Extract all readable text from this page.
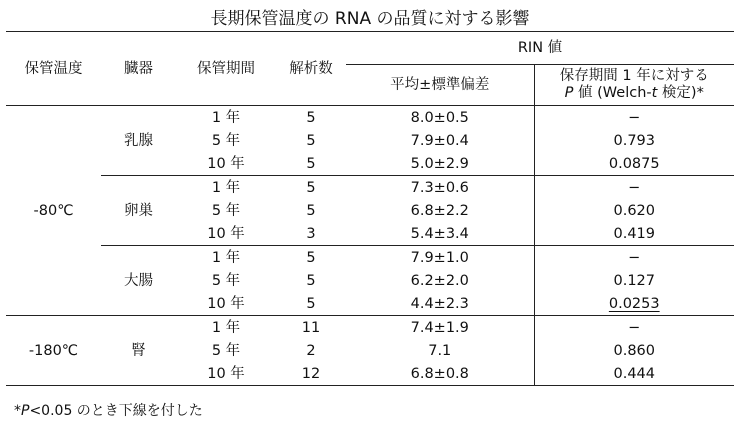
長期保管温度の RNA の品質に対する影響
保管温度	臓器	保管期間	解析数	RIN 値	
				平均±標準偏差	保存期間 1 年に対する
P 値 (Welch-t 検定)*
-80℃	乳腺	1 年	5	8.0±0.5	−
		5 年	5	7.9±0.4	0.793
		10 年	5	5.0±2.9	0.0875
	卵巣	1 年	5	7.3±0.6	−
		5 年	5	6.8±2.2	0.620
		10 年	3	5.4±3.4	0.419
	大腸	1 年	5	7.9±1.0	−
		5 年	5	6.2±2.0	0.127
		10 年	5	4.4±2.3	0.0253
-180℃	腎	1 年	11	7.4±1.9	−
		5 年	2	7.1	0.860
		10 年	12	6.8±0.8	0.444
*P<0.05 のとき下線を付した
